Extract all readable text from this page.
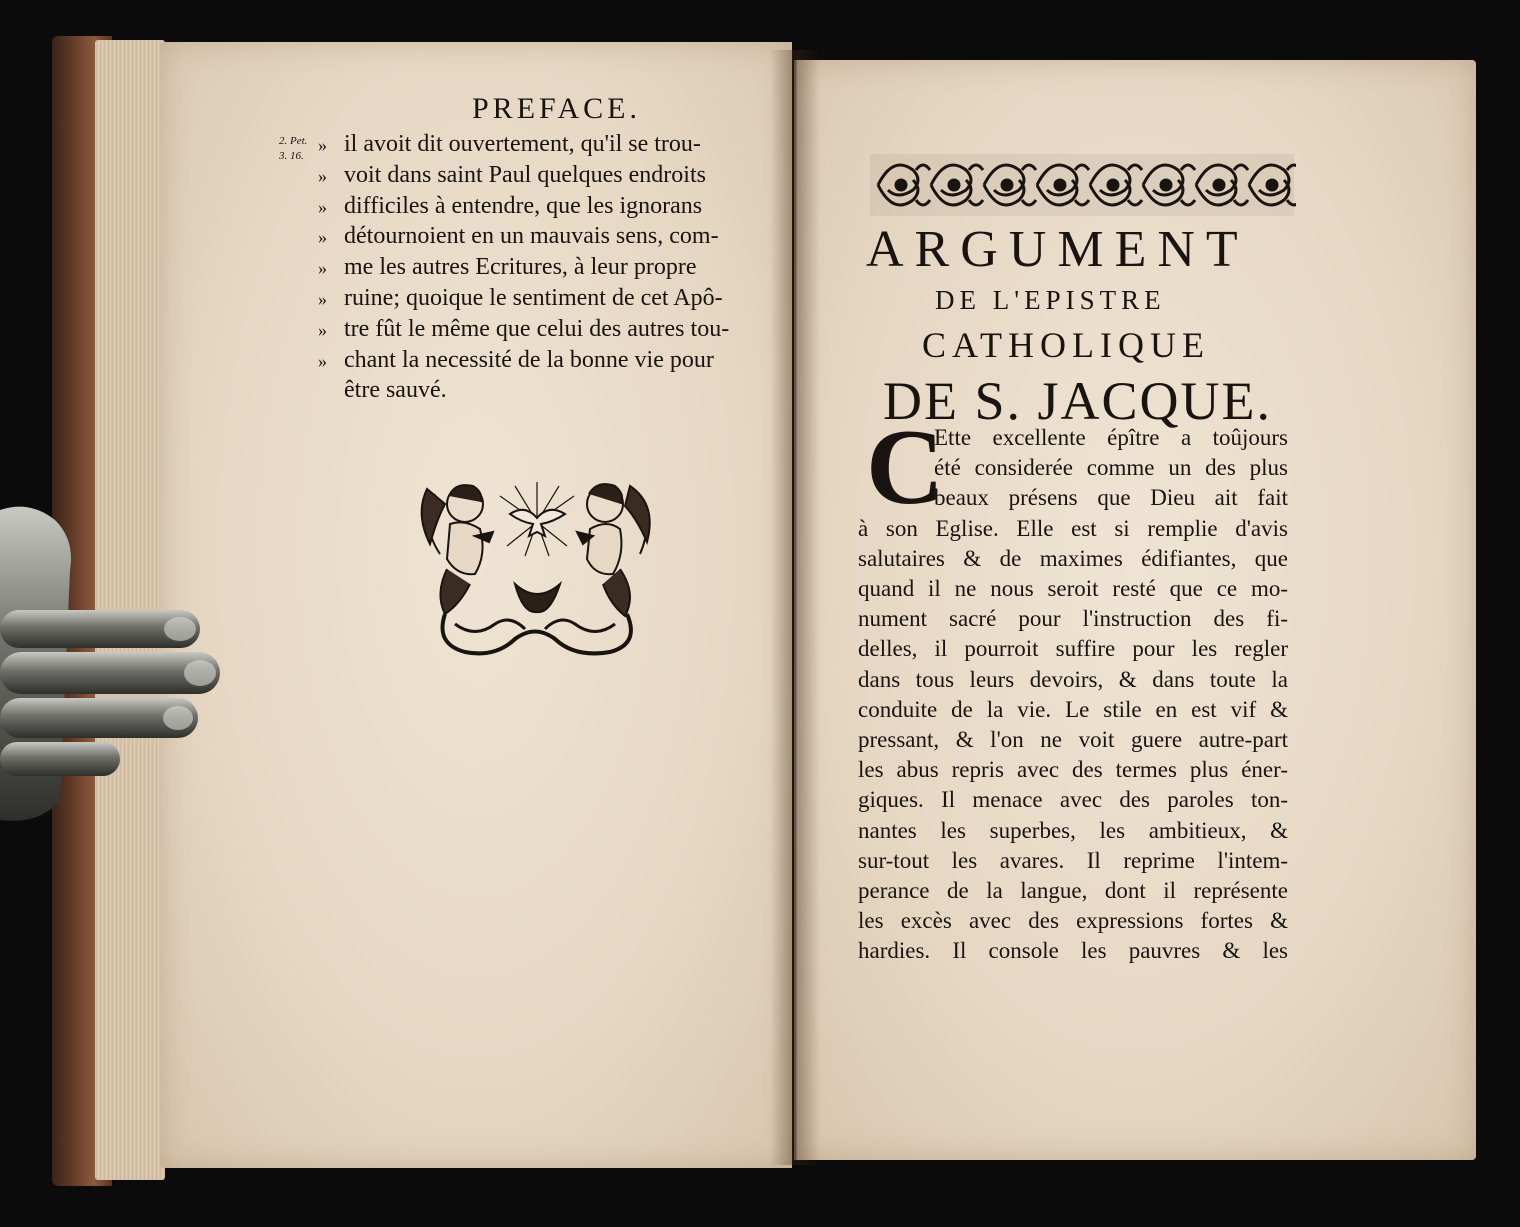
PREFACE.
2. Pet.
3. 16.
» il avoit dit ouvertement, qu'il se trou-
» voit dans saint Paul quelques endroits
» difficiles à entendre, que les ignorans
» détournoient en un mauvais sens, com-
» me les autres Ecritures, à leur propre
» ruine; quoique le sentiment de cet Apô-
» tre fût le même que celui des autres tou-
» chant la necessité de la bonne vie pour
être sauvé.
ARGUMENT
DE L'EPISTRE
CATHOLIQUE
DE S. JACQUE.
C
Ette excellente épître a toûjours
été considerée comme un des plus
beaux présens que Dieu ait fait
à son Eglise. Elle est si remplie d'avis
salutaires & de maximes édifiantes, que
quand il ne nous seroit resté que ce mo-
nument sacré pour l'instruction des fi-
delles, il pourroit suffire pour les regler
dans tous leurs devoirs, & dans toute la
conduite de la vie. Le stile en est vif &
pressant, & l'on ne voit guere autre-part
les abus repris avec des termes plus éner-
giques. Il menace avec des paroles ton-
nantes les superbes, les ambitieux, &
sur-tout les avares. Il reprime l'intem-
perance de la langue, dont il représente
les excès avec des expressions fortes &
hardies. Il console les pauvres & les
